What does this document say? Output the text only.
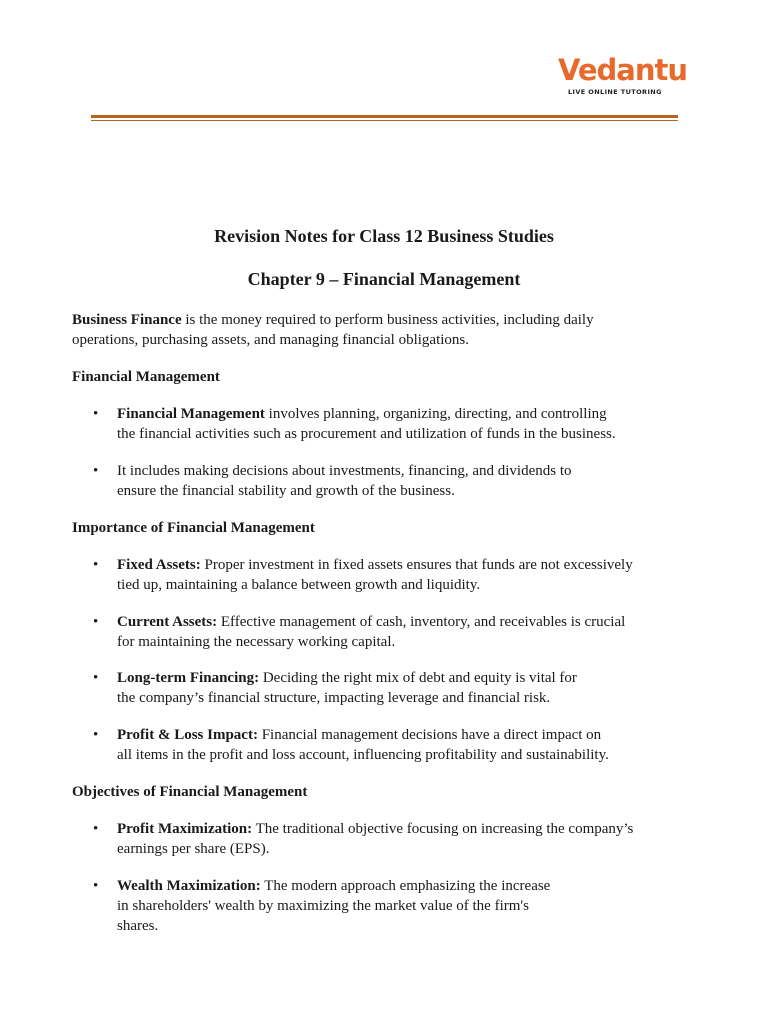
Vedantu
LIVE ONLINE TUTORING
Revision Notes for Class 12 Business Studies
Chapter 9 – Financial Management
Business Finance is the money required to perform business activities, including daily
operations, purchasing assets, and managing financial obligations.
Financial Management
• Financial Management involves planning, organizing, directing, and controlling
the financial activities such as procurement and utilization of funds in the business.
• It includes making decisions about investments, financing, and dividends to
ensure the financial stability and growth of the business.
Importance of Financial Management
• Fixed Assets: Proper investment in fixed assets ensures that funds are not excessively
tied up, maintaining a balance between growth and liquidity.
• Current Assets: Effective management of cash, inventory, and receivables is crucial
for maintaining the necessary working capital.
• Long-term Financing: Deciding the right mix of debt and equity is vital for
the company’s financial structure, impacting leverage and financial risk.
• Profit & Loss Impact: Financial management decisions have a direct impact on
all items in the profit and loss account, influencing profitability and sustainability.
Objectives of Financial Management
• Profit Maximization: The traditional objective focusing on increasing the company’s
earnings per share (EPS).
• Wealth Maximization: The modern approach emphasizing the increase
in shareholders' wealth by maximizing the market value of the firm's
shares.
